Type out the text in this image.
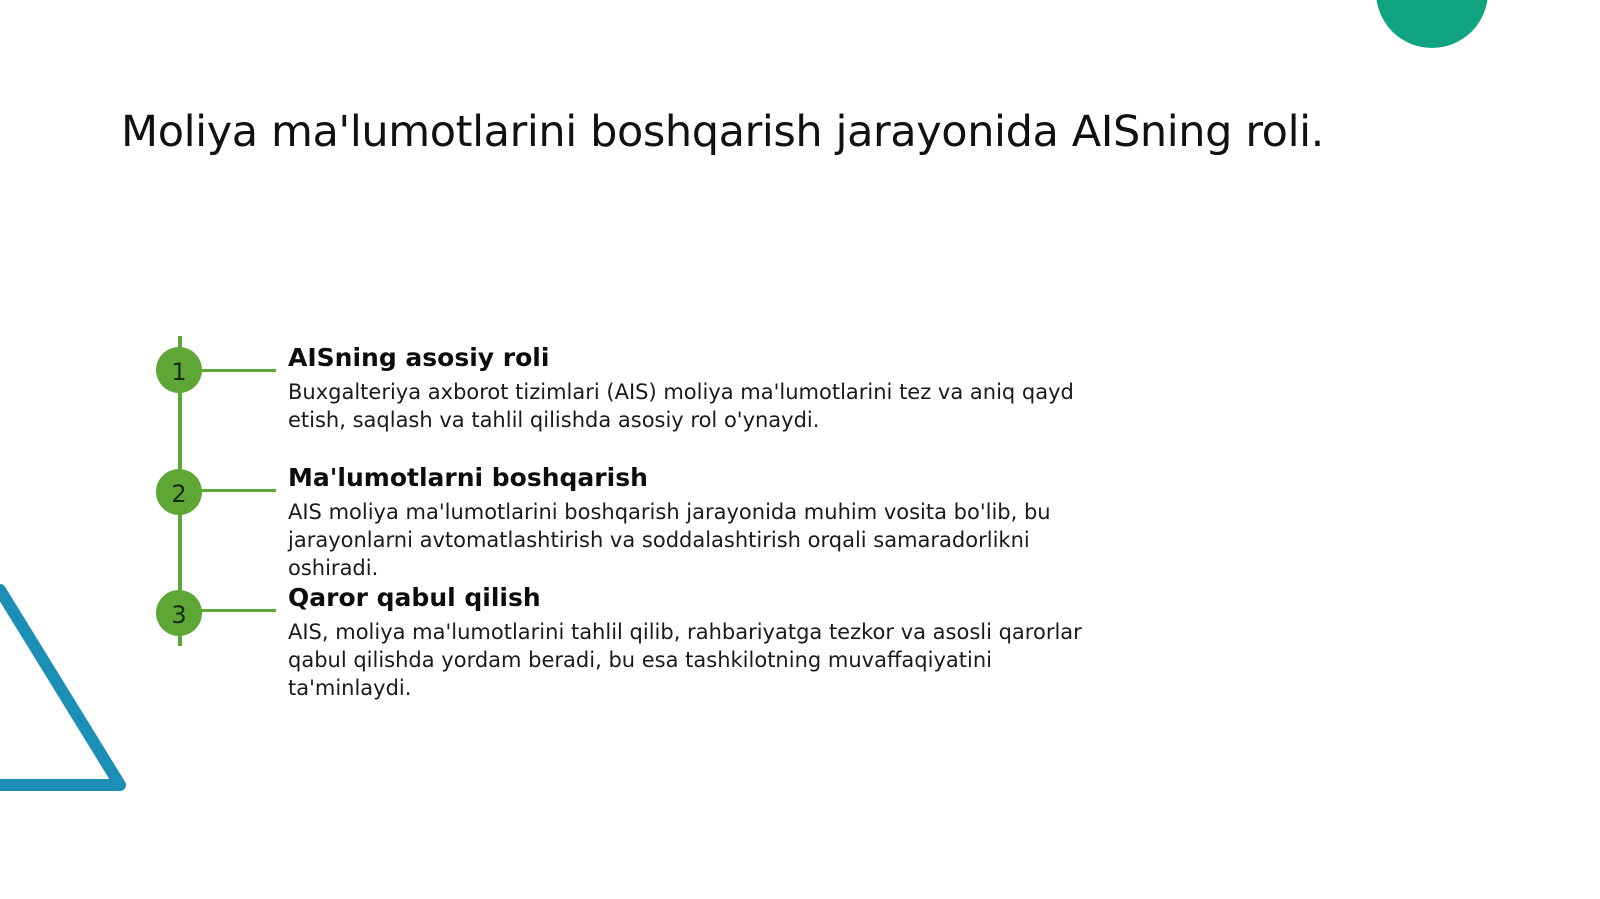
Moliya ma'lumotlarini boshqarish jarayonida AISning roli.
1	AISning asosiy roli

Buxgalteriya axborot tizimlari (AIS) moliya ma'lumotlarini tez va aniq qayd etish, saqlash va tahlil qilishda asosiy rol o'ynaydi.

2
Ma'lumotlarni boshqarish

AIS moliya ma'lumotlarini boshqarish jarayonida muhim vosita bo'lib, bu jarayonlarni avtomatlashtirish va soddalashtirish orqali samaradorlikni oshiradi.

3
Qaror qabul qilish

AIS, moliya ma'lumotlarini tahlil qilib, rahbariyatga tezkor va asosli qarorlar qabul qilishda yordam beradi, bu esa tashkilotning muvaffaqiyatini ta'minlaydi.
